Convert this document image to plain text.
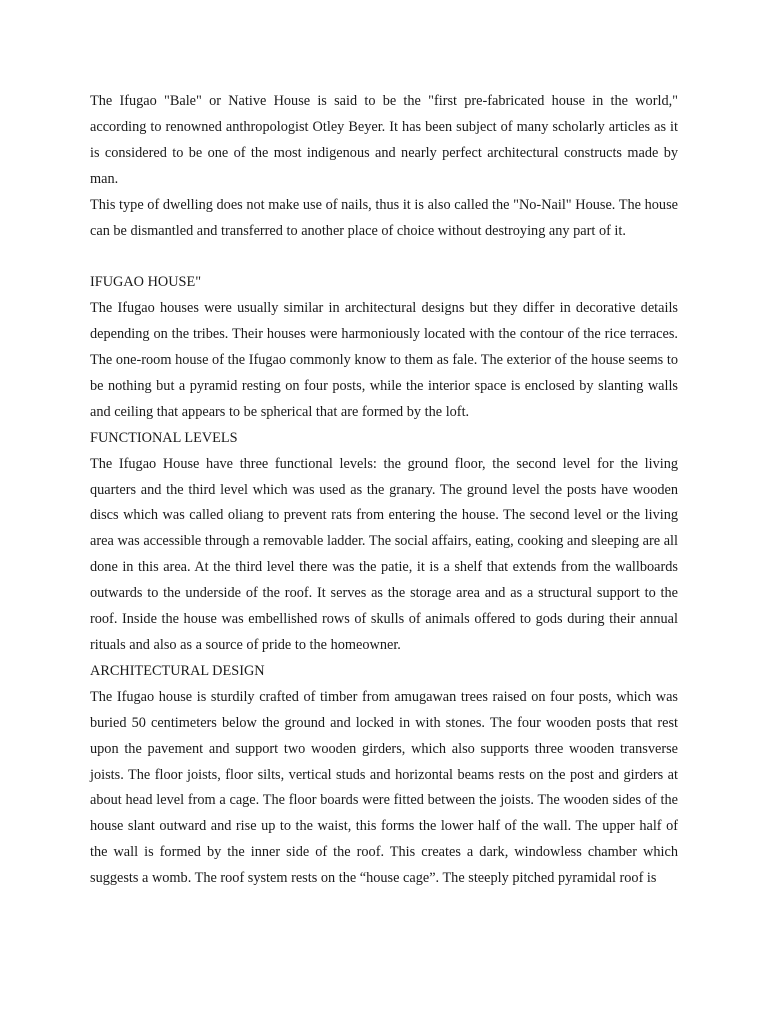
The Ifugao "Bale" or Native House is said to be the "first pre-fabricated house in the world," according to renowned anthropologist Otley Beyer. It has been subject of many scholarly articles as it is considered to be one of the most indigenous and nearly perfect architectural constructs made by man.

This type of dwelling does not make use of nails, thus it is also called the "No-Nail" House. The house can be dismantled and transferred to another place of choice without destroying any part of it.

IFUGAO HOUSE"

The Ifugao houses were usually similar in architectural designs but they differ in decorative details depending on the tribes. Their houses were harmoniously located with the contour of the rice terraces. The one-room house of the Ifugao commonly know to them as fale. The exterior of the house seems to be nothing but a pyramid resting on four posts, while the interior space is enclosed by slanting walls and ceiling that appears to be spherical that are formed by the loft.

FUNCTIONAL LEVELS

The Ifugao House have three functional levels: the ground floor, the second level for the living quarters and the third level which was used as the granary. The ground level the posts have wooden discs which was called oliang to prevent rats from entering the house. The second level or the living area was accessible through a removable ladder. The social affairs, eating, cooking and sleeping are all done in this area. At the third level there was the patie, it is a shelf that extends from the wallboards outwards to the underside of the roof. It serves as the storage area and as a structural support to the roof. Inside the house was embellished rows of skulls of animals offered to gods during their annual rituals and also as a source of pride to the homeowner.

ARCHITECTURAL DESIGN

The Ifugao house is sturdily crafted of timber from amugawan trees raised on four posts, which was buried 50 centimeters below the ground and locked in with stones. The four wooden posts that rest upon the pavement and support two wooden girders, which also supports three wooden transverse joists. The floor joists, floor silts, vertical studs and horizontal beams rests on the post and girders at about head level from a cage. The floor boards were fitted between the joists. The wooden sides of the house slant outward and rise up to the waist, this forms the lower half of the wall. The upper half of the wall is formed by the inner side of the roof. This creates a dark, windowless chamber which suggests a womb. The roof system rests on the “house cage”. The steeply pitched pyramidal roof is
